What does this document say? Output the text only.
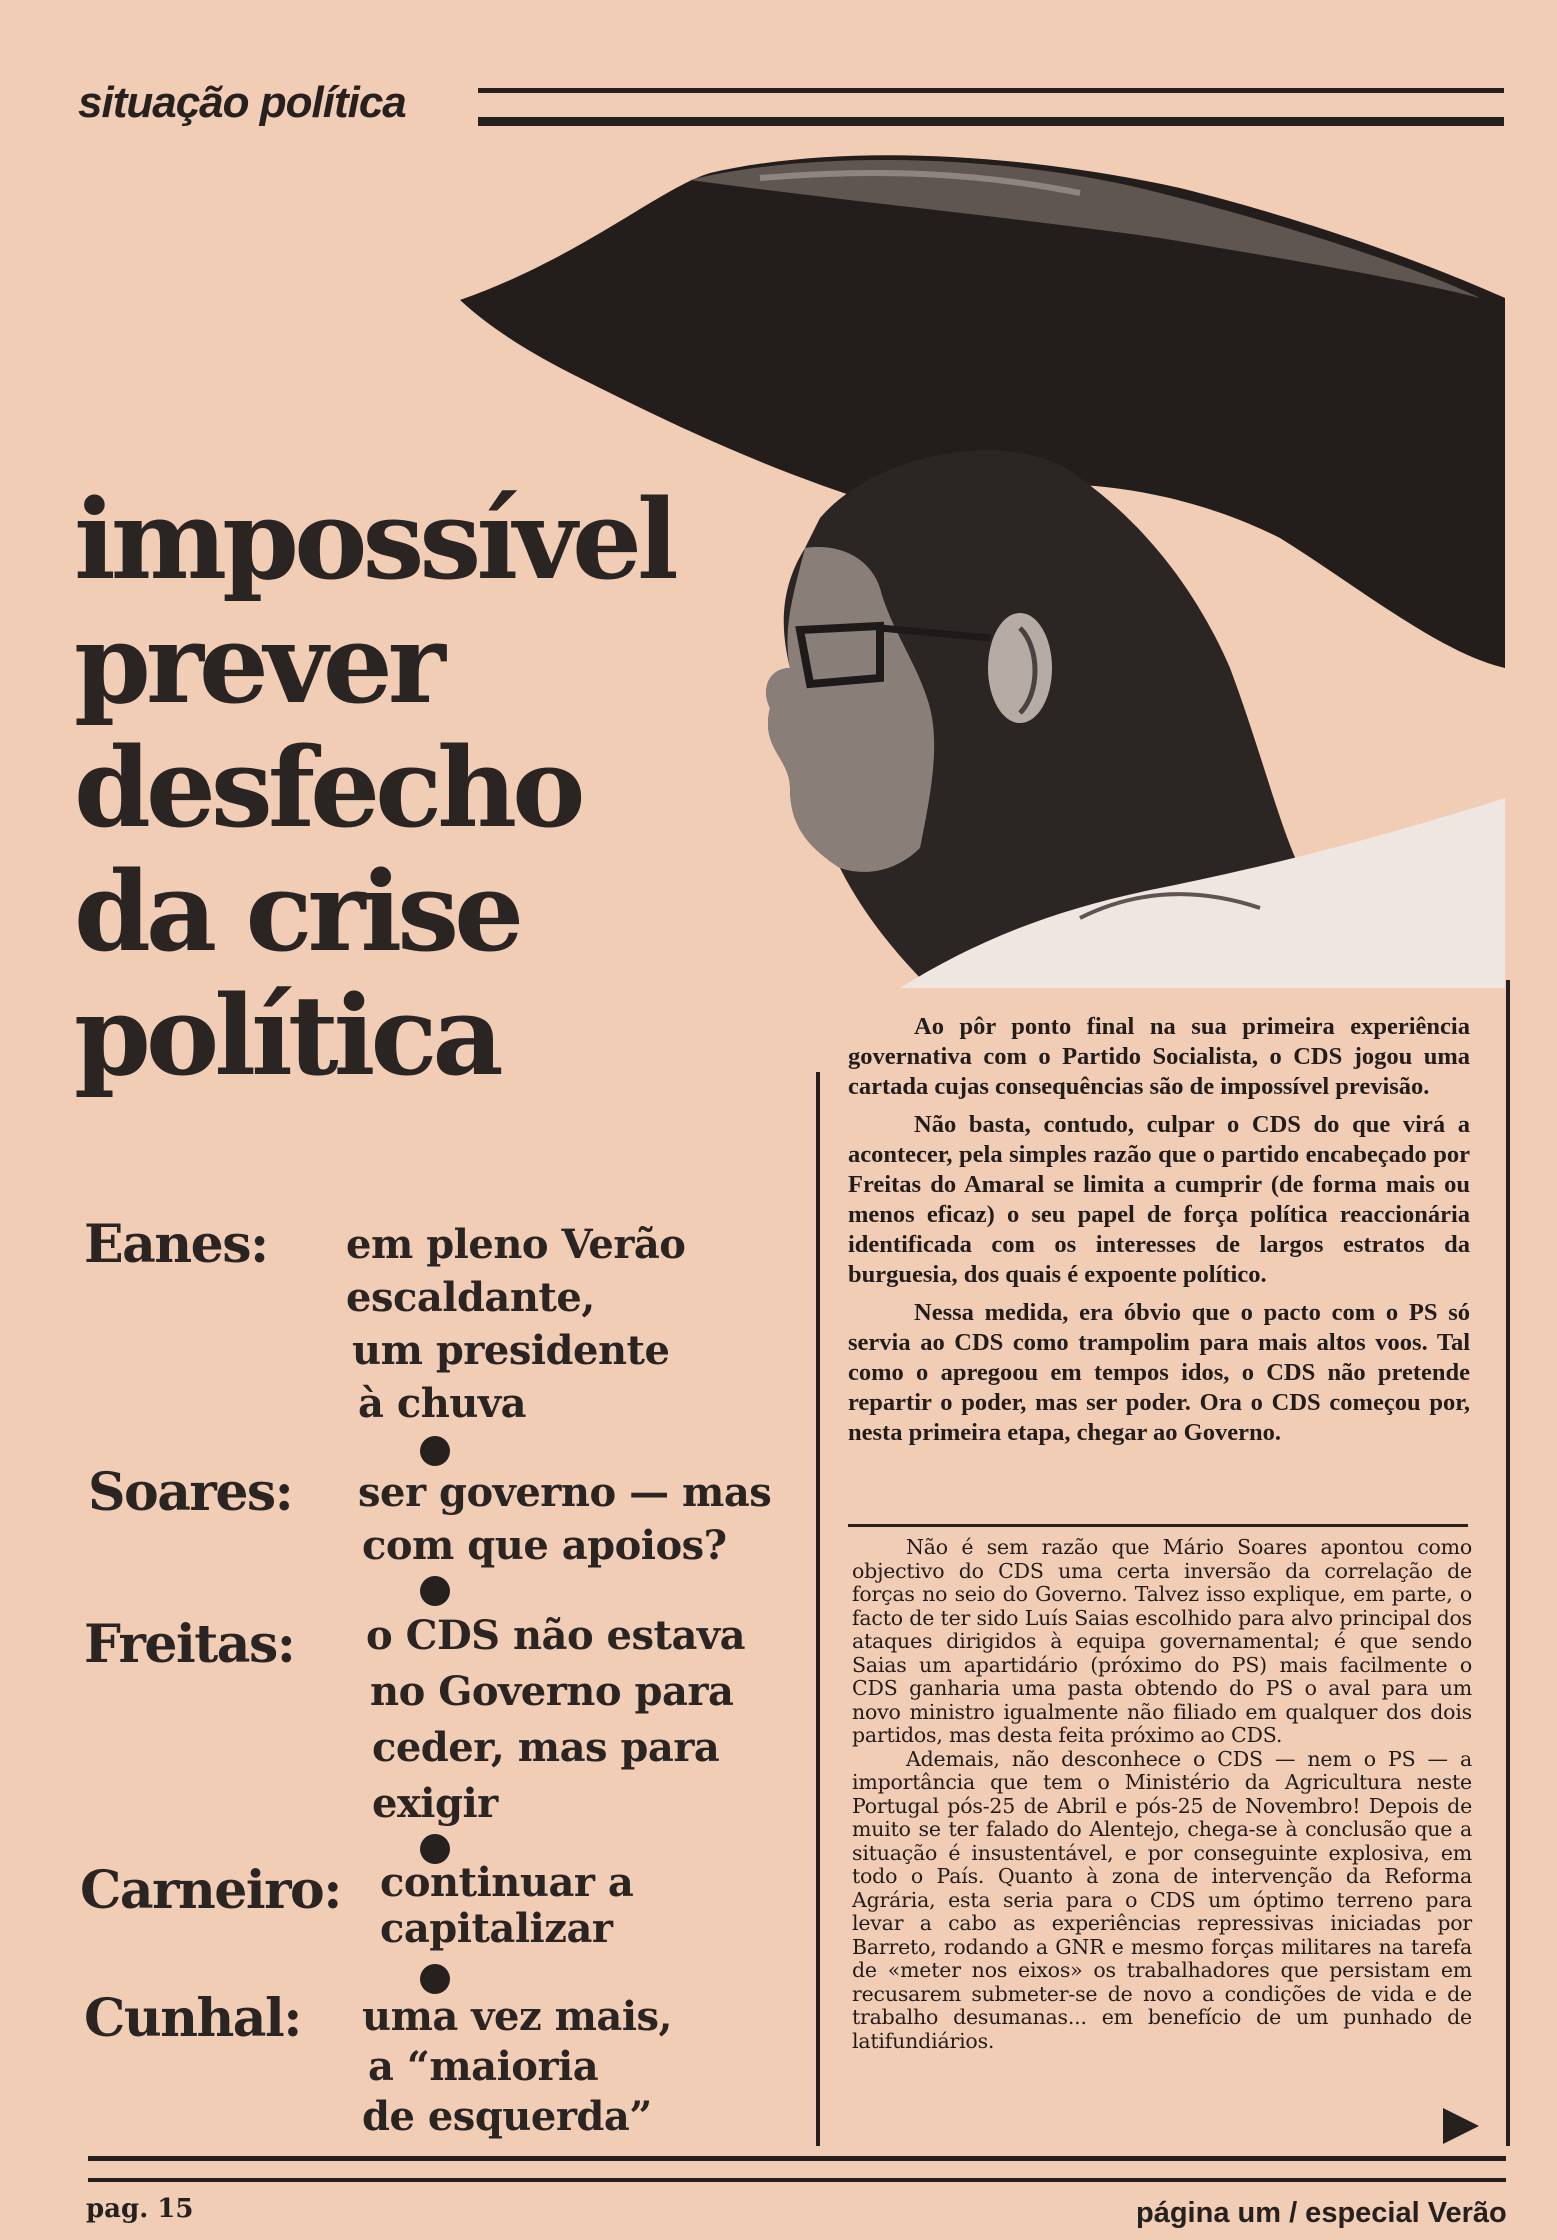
situação política
impossível
prever
desfecho
da crise
política
Eanes: em pleno Verão
escaldante,
um presidente
à chuva
Soares: ser governo — mas
com que apoios?
Freitas: o CDS não estava
no Governo para
ceder, mas para
exigir
Carneiro: continuar a
capitalizar
Cunhal: uma vez mais,
a “maioria
de esquerda”

Ao pôr ponto final na sua primeira experiência governativa com o Partido Socialista, o CDS jogou uma cartada cujas consequências são de impossível previsão.

Não basta, contudo, culpar o CDS do que virá a acontecer, pela simples razão que o partido encabeçado por Freitas do Amaral se limita a cumprir (de forma mais ou menos eficaz) o seu papel de força política reaccionária identificada com os interesses de largos estratos da burguesia, dos quais é expoente político.

Nessa medida, era óbvio que o pacto com o PS só servia ao CDS como trampolim para mais altos voos. Tal como o apregoou em tempos idos, o CDS não pretende repartir o poder, mas ser poder. Ora o CDS começou por, nesta primeira etapa, chegar ao Governo.

Não é sem razão que Mário Soares apontou como objectivo do CDS uma certa inversão da correlação de forças no seio do Governo. Talvez isso explique, em parte, o facto de ter sido Luís Saias escolhido para alvo principal dos ataques dirigidos à equipa governamental; é que sendo Saias um apartidário (próximo do PS) mais facilmente o CDS ganharia uma pasta obtendo do PS o aval para um novo ministro igualmente não filiado em qualquer dos dois partidos, mas desta feita próximo ao CDS.

Ademais, não desconhece o CDS — nem o PS — a importância que tem o Ministério da Agricultura neste Portugal pós-25 de Abril e pós-25 de Novembro! Depois de muito se ter falado do Alentejo, chega-se à conclusão que a situação é insustentável, e por conseguinte explosiva, em todo o País. Quanto à zona de intervenção da Reforma Agrária, esta seria para o CDS um óptimo terreno para levar a cabo as experiências repressivas iniciadas por Barreto, rodando a GNR e mesmo forças militares na tarefa de «meter nos eixos» os trabalhadores que persistam em recusarem submeter-se de novo a condições de vida e de trabalho desumanas... em benefício de um punhado de latifundiários.

pag. 15	página um / especial Verão
